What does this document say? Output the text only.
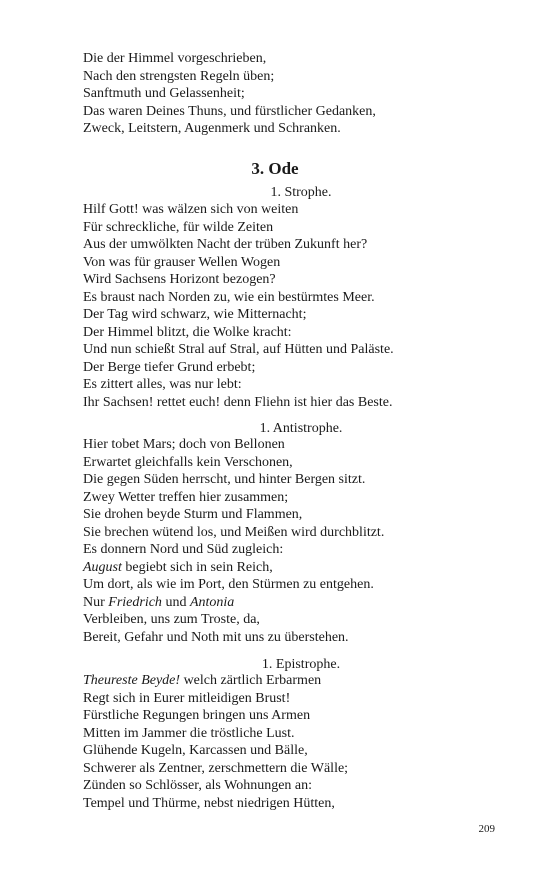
Die der Himmel vorgeschrieben,
Nach den strengsten Regeln üben;
Sanftmuth und Gelassenheit;
Das waren Deines Thuns, und fürstlicher Gedanken,
Zweck, Leitstern, Augenmerk und Schranken.
3. Ode
1. Strophe.
Hilf Gott! was wälzen sich von weiten
Für schreckliche, für wilde Zeiten
Aus der umwölkten Nacht der trüben Zukunft her?
Von was für grauser Wellen Wogen
Wird Sachsens Horizont bezogen?
Es braust nach Norden zu, wie ein bestürmtes Meer.
Der Tag wird schwarz, wie Mitternacht;
Der Himmel blitzt, die Wolke kracht:
Und nun schießt Stral auf Stral, auf Hütten und Paläste.
Der Berge tiefer Grund erbebt;
Es zittert alles, was nur lebt:
Ihr Sachsen! rettet euch! denn Fliehn ist hier das Beste.
1. Antistrophe.
Hier tobet Mars; doch von Bellonen
Erwartet gleichfalls kein Verschonen,
Die gegen Süden herrscht, und hinter Bergen sitzt.
Zwey Wetter treffen hier zusammen;
Sie drohen beyde Sturm und Flammen,
Sie brechen wütend los, und Meißen wird durchblitzt.
Es donnern Nord und Süd zugleich:
August begiebt sich in sein Reich,
Um dort, als wie im Port, den Stürmen zu entgehen.
Nur Friedrich und Antonia
Verbleiben, uns zum Troste, da,
Bereit, Gefahr und Noth mit uns zu überstehen.
1. Epistrophe.
Theureste Beyde! welch zärtlich Erbarmen
Regt sich in Eurer mitleidigen Brust!
Fürstliche Regungen bringen uns Armen
Mitten im Jammer die tröstliche Lust.
Glühende Kugeln, Karcassen und Bälle,
Schwerer als Zentner, zerschmettern die Wälle;
Zünden so Schlösser, als Wohnungen an:
Tempel und Thürme, nebst niedrigen Hütten,
209
